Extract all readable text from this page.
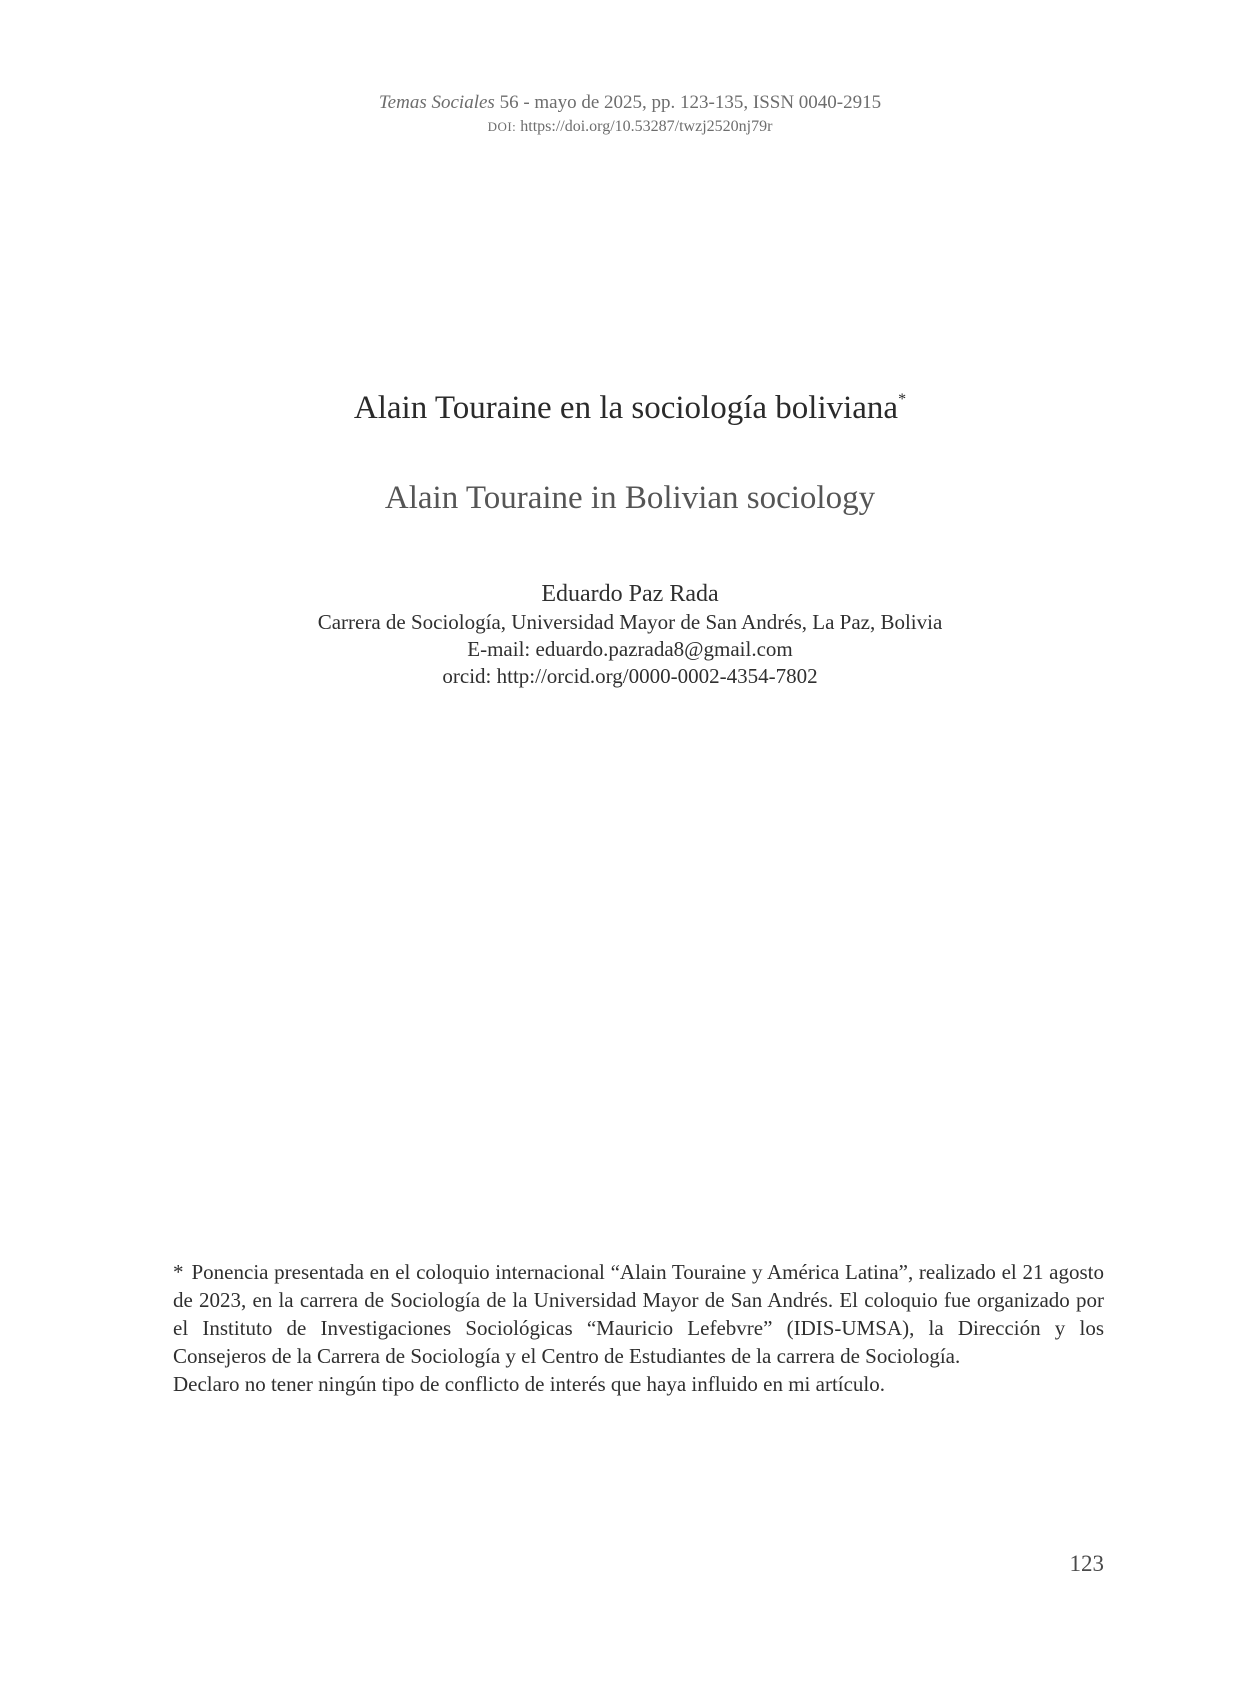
Temas Sociales 56 - mayo de 2025, pp. 123-135, ISSN 0040-2915
DOI: https://doi.org/10.53287/twzj2520nj79r
Alain Touraine en la sociología boliviana*
Alain Touraine in Bolivian sociology
Eduardo Paz Rada
Carrera de Sociología, Universidad Mayor de San Andrés, La Paz, Bolivia
E-mail: eduardo.pazrada8@gmail.com
orcid: http://orcid.org/0000-0002-4354-7802
* Ponencia presentada en el coloquio internacional “Alain Touraine y América Latina”, realizado el 21 agosto de 2023, en la carrera de Sociología de la Universidad Mayor de San Andrés. El coloquio fue organizado por el Instituto de Investigaciones Sociológicas “Mauricio Lefebvre” (IDIS-UMSA), la Dirección y los Consejeros de la Carrera de Sociología y el Centro de Estudiantes de la carrera de Sociología.
Declaro no tener ningún tipo de conflicto de interés que haya influido en mi artículo.
123
